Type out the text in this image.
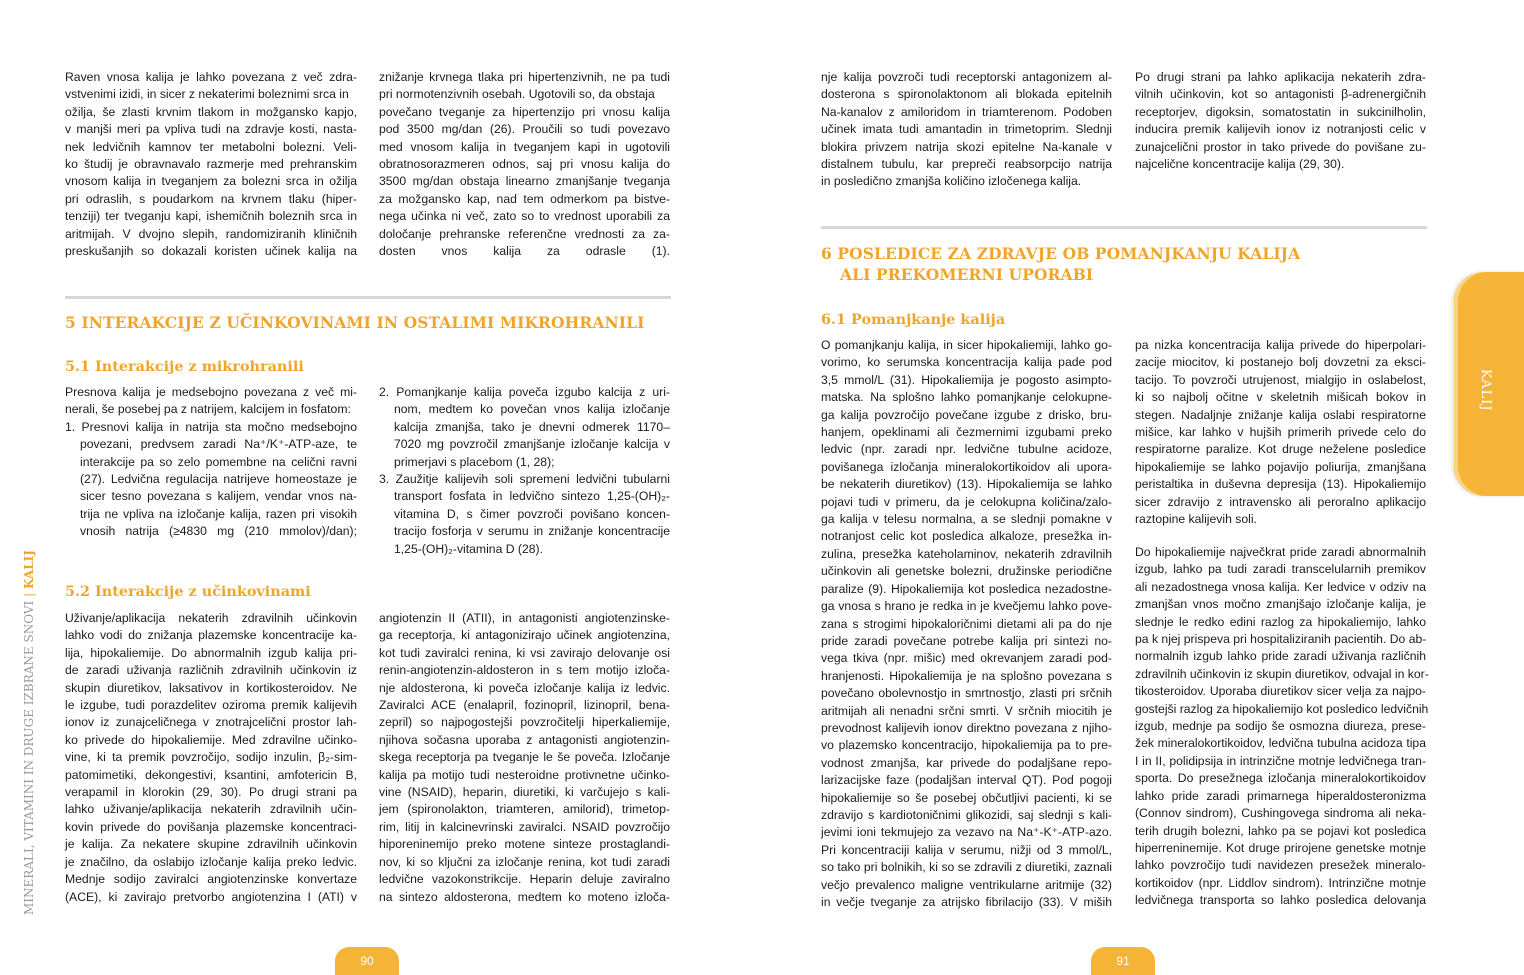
Raven vnosa kalija je lahko povezana z več zdra-
vstvenimi izidi, in sicer z nekaterimi boleznimi srca in
ožilja, še zlasti krvnim tlakom in možgansko kapjo,
v manjši meri pa vpliva tudi na zdravje kosti, nasta-
nek ledvičnih kamnov ter metabolni bolezni. Veli-
ko študij je obravnavalo razmerje med prehranskim
vnosom kalija in tveganjem za bolezni srca in ožilja
pri odraslih, s poudarkom na krvnem tlaku (hiper-
tenziji) ter tveganju kapi, ishemičnih boleznih srca in
aritmijah. V dvojno slepih, randomiziranih kliničnih
preskušanjih so dokazali koristen učinek kalija na
znižanje krvnega tlaka pri hipertenzivnih, ne pa tudi
pri normotenzivnih osebah. Ugotovili so, da obstaja
povečano tveganje za hipertenzijo pri vnosu kalija
pod 3500 mg/dan (26). Proučili so tudi povezavo
med vnosom kalija in tveganjem kapi in ugotovili
obratnosorazmeren odnos, saj pri vnosu kalija do
3500 mg/dan obstaja linearno zmanjšanje tveganja
za možgansko kap, nad tem odmerkom pa bistve-
nega učinka ni več, zato so to vrednost uporabili za
določanje prehranske referenčne vrednosti za za-
dosten vnos kalija za odrasle (1).
5 INTERAKCIJE Z UČINKOVINAMI IN OSTALIMI MIKROHRANILI
5.1 Interakcije z mikrohranili
Presnova kalija je medsebojno povezana z več mi-
nerali, še posebej pa z natrijem, kalcijem in fosfatom:
1. Presnovi kalija in natrija sta močno medsebojno
povezani, predvsem zaradi Na⁺/K⁺-ATP-aze, te
interakcije pa so zelo pomembne na celični ravni
(27). Ledvična regulacija natrijeve homeostaze je
sicer tesno povezana s kalijem, vendar vnos na-
trija ne vpliva na izločanje kalija, razen pri visokih
vnosih natrija (≥4830 mg (210 mmolov)/dan);
2. Pomanjkanje kalija poveča izgubo kalcija z uri-
nom, medtem ko povečan vnos kalija izločanje
kalcija zmanjša, tako je dnevni odmerek 1170–
7020 mg povzročil zmanjšanje izločanje kalcija v
primerjavi s placebom (1, 28);
3. Zaužitje kalijevih soli spremeni ledvični tubularni
transport fosfata in ledvično sintezo 1,25-(OH)₂-
vitamina D, s čimer povzroči povišano koncen-
tracijo fosforja v serumu in znižanje koncentracije
1,25-(OH)₂-vitamina D (28).
5.2 Interakcije z učinkovinami
Uživanje/aplikacija nekaterih zdravilnih učinkovin
lahko vodi do znižanja plazemske koncentracije ka-
lija, hipokaliemije. Do abnormalnih izgub kalija pri-
de zaradi uživanja različnih zdravilnih učinkovin iz
skupin diuretikov, laksativov in kortikosteroidov. Ne
le izgube, tudi porazdelitev oziroma premik kalijevih
ionov iz zunajceličnega v znotrajcelični prostor lah-
ko privede do hipokaliemije. Med zdravilne učinko-
vine, ki ta premik povzročijo, sodijo inzulin, β₂-sim-
patomimetiki, dekongestivi, ksantini, amfotericin B,
verapamil in klorokin (29, 30). Po drugi strani pa
lahko uživanje/aplikacija nekaterih zdravilnih učin-
kovin privede do povišanja plazemske koncentraci-
je kalija. Za nekatere skupine zdravilnih učinkovin
je značilno, da oslabijo izločanje kalija preko ledvic.
Mednje sodijo zaviralci angiotenzinske konvertaze
(ACE), ki zavirajo pretvorbo angiotenzina I (ATI) v
angiotenzin II (ATII), in antagonisti angiotenzinske-
ga receptorja, ki antagonizirajo učinek angiotenzina,
kot tudi zaviralci renina, ki vsi zavirajo delovanje osi
renin-angiotenzin-aldosteron in s tem motijo izloča-
nje aldosterona, ki poveča izločanje kalija iz ledvic.
Zaviralci ACE (enalapril, fozinopril, lizinopril, bena-
zepril) so najpogostejši povzročitelji hiperkaliemije,
njihova sočasna uporaba z antagonisti angiotenzin-
skega receptorja pa tveganje le še poveča. Izločanje
kalija pa motijo tudi nesteroidne protivnetne učinko-
vine (NSAID), heparin, diuretiki, ki varčujejo s kali-
jem (spironolakton, triamteren, amilorid), trimetop-
rim, litij in kalcinevrinski zaviralci. NSAID povzročijo
hiporeninemijo preko motene sinteze prostaglandi-
nov, ki so ključni za izločanje renina, kot tudi zaradi
ledvične vazokonstrikcije. Heparin deluje zaviralno
na sintezo aldosterona, medtem ko moteno izloča-
MINERALI, VITAMINI IN DRUGE IZBRANE SNOVI | KALIJ
90
nje kalija povzroči tudi receptorski antagonizem al-
dosterona s spironolaktonom ali blokada epitelnih
Na-kanalov z amiloridom in triamterenom. Podoben
učinek imata tudi amantadin in trimetoprim. Slednji
blokira privzem natrija skozi epitelne Na-kanale v
distalnem tubulu, kar prepreči reabsorpcijo natrija
in posledično zmanjša količino izločenega kalija.
Po drugi strani pa lahko aplikacija nekaterih zdra-
vilnih učinkovin, kot so antagonisti β-adrenergičnih
receptorjev, digoksin, somatostatin in sukcinilholin,
inducira premik kalijevih ionov iz notranjosti celic v
zunajcelični prostor in tako privede do povišane zu-
najcelične koncentracije kalija (29, 30).
6 POSLEDICE ZA ZDRAVJE OB POMANJKANJU KALIJA
ALI PREKOMERNI UPORABI
6.1 Pomanjkanje kalija
O pomanjkanju kalija, in sicer hipokaliemiji, lahko go-
vorimo, ko serumska koncentracija kalija pade pod
3,5 mmol/L (31). Hipokaliemija je pogosto asimpto-
matska. Na splošno lahko pomanjkanje celokupne-
ga kalija povzročijo povečane izgube z drisko, bru-
hanjem, opeklinami ali čezmernimi izgubami preko
ledvic (npr. zaradi npr. ledvične tubulne acidoze,
povišanega izločanja mineralokortikoidov ali upora-
be nekaterih diuretikov) (13). Hipokaliemija se lahko
pojavi tudi v primeru, da je celokupna količina/zalo-
ga kalija v telesu normalna, a se slednji pomakne v
notranjost celic kot posledica alkaloze, presežka in-
zulina, presežka kateholaminov, nekaterih zdravilnih
učinkovin ali genetske bolezni, družinske periodične
paralize (9). Hipokaliemija kot posledica nezadostne-
ga vnosa s hrano je redka in je kvečjemu lahko pove-
zana s strogimi hipokaloričnimi dietami ali pa do nje
pride zaradi povečane potrebe kalija pri sintezi no-
vega tkiva (npr. mišic) med okrevanjem zaradi pod-
hranjenosti. Hipokaliemija je na splošno povezana s
povečano obolevnostjo in smrtnostjo, zlasti pri srčnih
aritmijah ali nenadni srčni smrti. V srčnih miocitih je
prevodnost kalijevih ionov direktno povezana z njiho-
vo plazemsko koncentracijo, hipokaliemija pa to pre-
vodnost zmanjša, kar privede do podaljšane repo-
larizacijske faze (podaljšan interval QT). Pod pogoji
hipokaliemije so še posebej občutljivi pacienti, ki se
zdravijo s kardiotoničnimi glikozidi, saj slednji s kali-
jevimi ioni tekmujejo za vezavo na Na⁺-K⁺-ATP-azo.
Pri koncentraciji kalija v serumu, nižji od 3 mmol/L,
so tako pri bolnikih, ki so se zdravili z diuretiki, zaznali
večjo prevalenco maligne ventrikularne aritmije (32)
in večje tveganje za atrijsko fibrilacijo (33). V miših
pa nizka koncentracija kalija privede do hiperpolari-
zacije miocitov, ki postanejo bolj dovzetni za eksci-
tacijo. To povzroči utrujenost, mialgijo in oslabelost,
ki so najbolj očitne v skeletnih mišicah bokov in
stegen. Nadaljnje znižanje kalija oslabi respiratorne
mišice, kar lahko v hujših primerih privede celo do
respiratorne paralize. Kot druge neželene posledice
hipokaliemije se lahko pojavijo poliurija, zmanjšana
peristaltika in duševna depresija (13). Hipokaliemijo
sicer zdravijo z intravensko ali peroralno aplikacijo
raztopine kalijevih soli.
Do hipokaliemije največkrat pride zaradi abnormalnih
izgub, lahko pa tudi zaradi transcelularnih premikov
ali nezadostnega vnosa kalija. Ker ledvice v odziv na
zmanjšan vnos močno zmanjšajo izločanje kalija, je
slednje le redko edini razlog za hipokaliemijo, lahko
pa k njej prispeva pri hospitaliziranih pacientih. Do ab-
normalnih izgub lahko pride zaradi uživanja različnih
zdravilnih učinkovin iz skupin diuretikov, odvajal in kor-
tikosteroidov. Uporaba diuretikov sicer velja za najpo-
gostejši razlog za hipokaliemijo kot posledico ledvičnih
izgub, mednje pa sodijo še osmozna diureza, prese-
žek mineralokortikoidov, ledvična tubulna acidoza tipa
I in II, polidipsija in intrinzične motnje ledvičnega tran-
sporta. Do presežnega izločanja mineralokortikoidov
lahko pride zaradi primarnega hiperaldosteronizma
(Connov sindrom), Cushingovega sindroma ali neka-
terih drugih bolezni, lahko pa se pojavi kot posledica
hiperreninemije. Kot druge prirojene genetske motnje
lahko povzročijo tudi navidezen presežek mineralo-
kortikoidov (npr. Liddlov sindrom). Intrinzične motnje
ledvičnega transporta so lahko posledica delovanja
KALIJ
91
